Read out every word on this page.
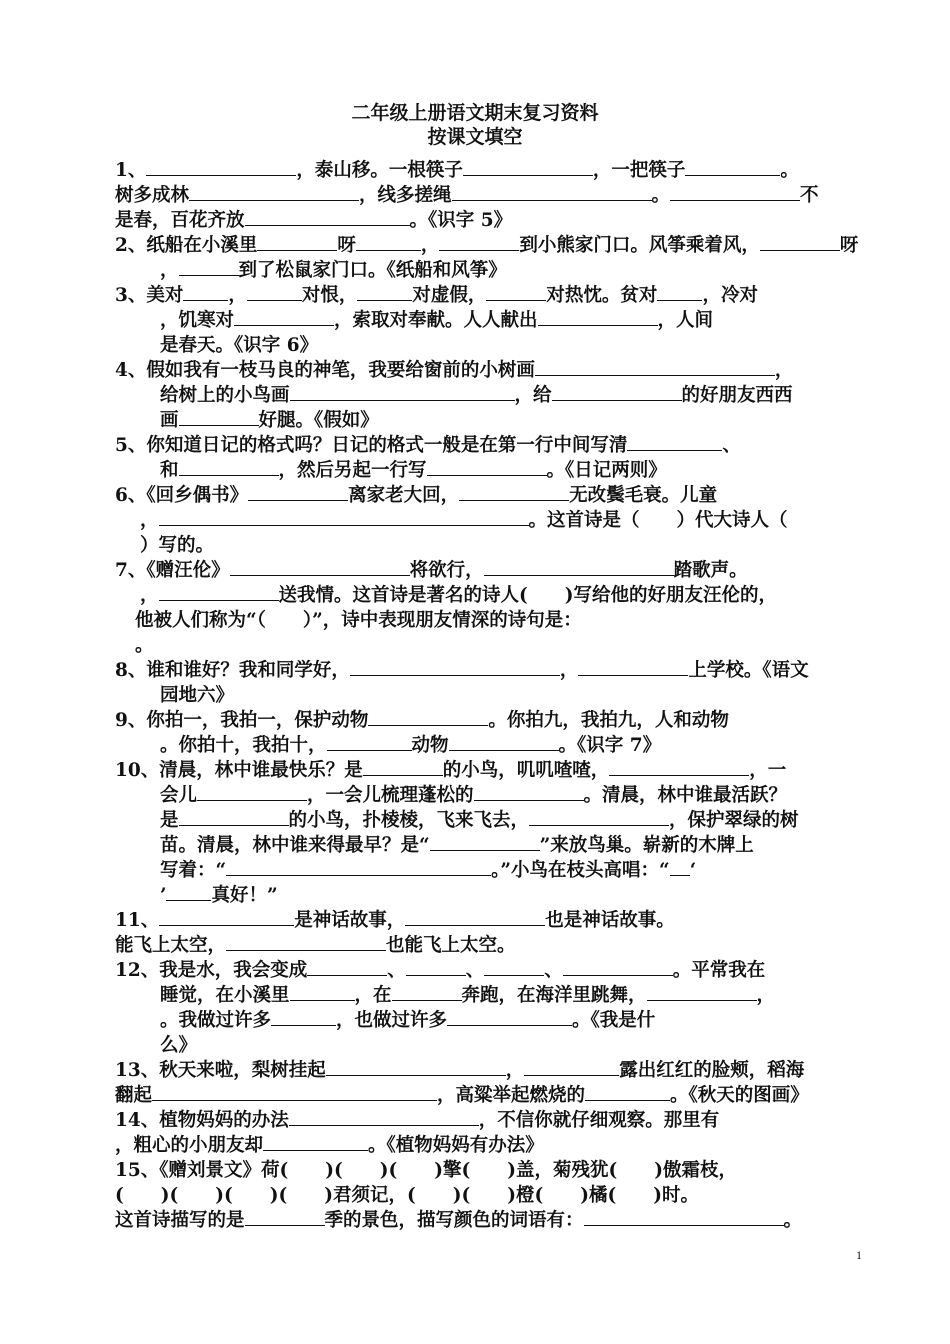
二年级上册语文期末复习资料
按课文填空
1、	，泰山移。一根筷子	，一把筷子	。
树多成林	，线多搓绳	。	不
是春，百花齐放	。《识字 5》
2、纸船在小溪里	呀	，	到小熊家门口。风筝乘着风，	呀
，	到了松鼠家门口。《纸船和风筝》
3、美对 ，	对恨，	对虚假，	对热忱。贫对 ，冷对
，饥寒对	，索取对奉献。人人献出	，人间
是春天。《识字 6》
4、假如我有一枝马良的神笔，我要给窗前的小树画	，
给树上的小鸟画	，给	的好朋友西西
画	好腿。《假如》
5、你知道日记的格式吗？日记的格式一般是在第一行中间写清	、
和	，然后另起一行写	。《日记两则》
6、《回乡偶书》	离家老大回，	无改鬓毛衰。儿童
，	。这首诗是（　　）代大诗人（
）写的。
7、《赠汪伦》	将欲行，	踏歌声。
，	送我情。这首诗是著名的诗人(　　)写给他的好朋友汪伦的，
他被人们称为“（　　）”，诗中表现朋友情深的诗句是：
。
8、谁和谁好？我和同学好，	，	上学校。《语文
园地六》
9、你拍一，我拍一，保护动物	。你拍九，我拍九，人和动物
。你拍十，我拍十，	动物	。《识字 7》
10、清晨，林中谁最快乐？是	的小鸟，叽叽喳喳，	，一
会儿	，一会儿梳理蓬松的	。清晨，林中谁最活跃？
是	的小鸟，扑棱棱，飞来飞去，	，保护翠绿的树
苗。清晨，林中谁来得最早？是“	”来放鸟巢。崭新的木牌上
写着：“	。”小鸟在枝头高唱：“ ‘
’ 真好！”
11、	是神话故事，	也是神话故事。
能飞上太空，	也能飞上太空。
12、我是水，我会变成	、	、	、	。平常我在
睡觉，在小溪里	，在	奔跑，在海洋里跳舞，	，
。我做过许多	，也做过许多	。《我是什
么》
13、秋天来啦，梨树挂起	，	露出红红的脸颊，稻海
翻起	，高粱举起燃烧的	。《秋天的图画》
14、植物妈妈的办法	，不信你就仔细观察。那里有
，粗心的小朋友却	。《植物妈妈有办法》
15、《赠刘景文》荷(　　)(　　)(　　)擎(　　)盖，菊残犹(　　)傲霜枝，
(　　)(　　)(　　)(　　)君须记，(　　)(　　)橙(　　)橘(　　)时。
这首诗描写的是	季的景色，描写颜色的词语有：	。
1
